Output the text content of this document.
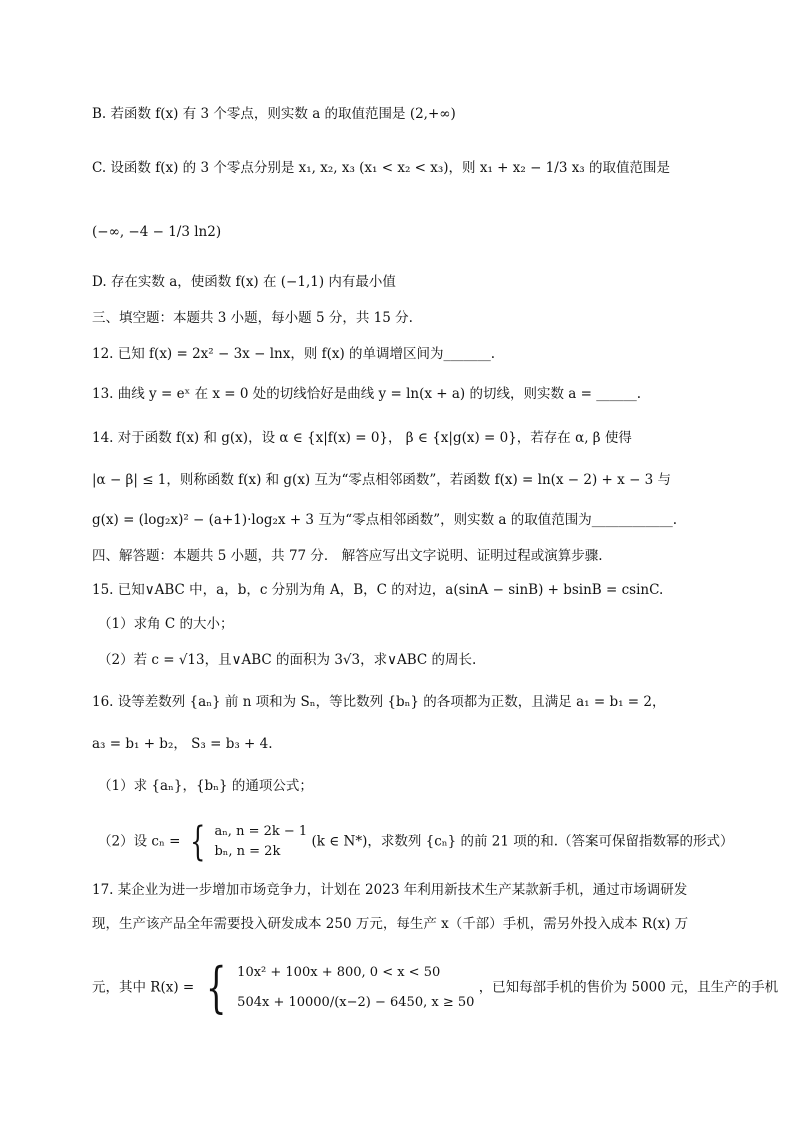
B. 若函数 f(x) 有 3 个零点，则实数 a 的取值范围是 (2,+∞)
C. 设函数 f(x) 的 3 个零点分别是 x₁, x₂, x₃ (x₁ < x₂ < x₃)，则 x₁ + x₂ − 1/3 x₃ 的取值范围是
(−∞, −4 − 1/3 ln2)
D. 存在实数 a，使函数 f(x) 在 (−1,1) 内有最小值
三、填空题：本题共 3 小题，每小题 5 分，共 15 分.
12. 已知 f(x) = 2x² − 3x − lnx，则 f(x) 的单调增区间为_______.
13. 曲线 y = eˣ 在 x = 0 处的切线恰好是曲线 y = ln(x + a) 的切线，则实数 a = ______.
14. 对于函数 f(x) 和 g(x)，设 α ∈ {x|f(x) = 0}， β ∈ {x|g(x) = 0}，若存在 α, β 使得
|α − β| ≤ 1，则称函数 f(x) 和 g(x) 互为“零点相邻函数”，若函数 f(x) = ln(x − 2) + x − 3 与
g(x) = (log₂x)² − (a+1)·log₂x + 3 互为“零点相邻函数”，则实数 a 的取值范围为____________.
四、解答题：本题共 5 小题，共 77 分． 解答应写出文字说明、证明过程或演算步骤.
15. 已知∨ABC 中，a，b，c 分别为角 A，B，C 的对边，a(sinA − sinB) + bsinB = csinC.
（1）求角 C 的大小；
（2）若 c = √13，且∨ABC 的面积为 3√3，求∨ABC 的周长.
16. 设等差数列 {aₙ} 前 n 项和为 Sₙ，等比数列 {bₙ} 的各项都为正数，且满足 a₁ = b₁ = 2，
a₃ = b₁ + b₂， S₃ = b₃ + 4.
（1）求 {aₙ}，{bₙ} 的通项公式；
（2）设 cₙ = { aₙ, n = 2k − 1
bₙ, n = 2k
(k ∈ N*)，求数列 {cₙ} 的前 21 项的和.（答案可保留指数幂的形式）
17. 某企业为进一步增加市场竞争力，计划在 2023 年利用新技术生产某款新手机，通过市场调研发
现，生产该产品全年需要投入研发成本 250 万元，每生产 x（千部）手机，需另外投入成本 R(x) 万
元，其中 R(x) = { 10x² + 100x + 800, 0 < x < 50
504x + 10000/(x−2) − 6450, x ≥ 50
，已知每部手机的售价为 5000 元，且生产的手机
